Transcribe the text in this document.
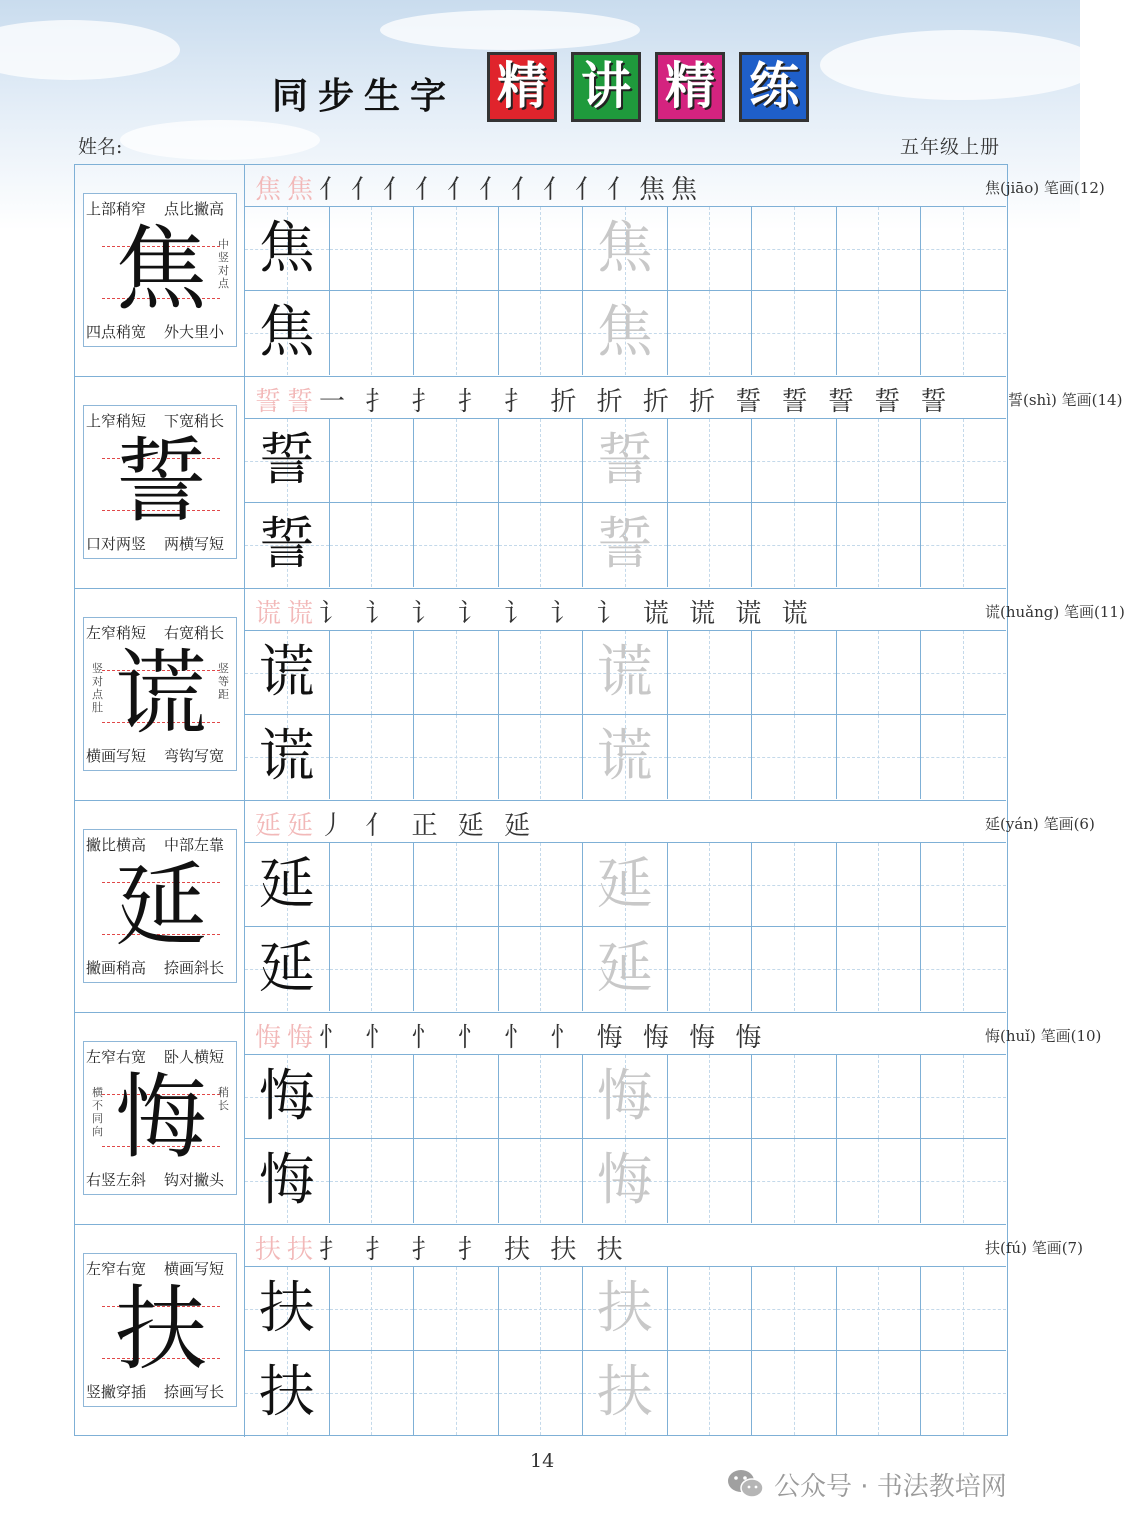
同步生字 精 讲 精 练
姓名:	五年级上册
上部稍窄 点比撇高
四点稍宽 外大里小
焦	中竖对点
焦焦亻亻亻亻亻亻亻亻亻亻焦焦	焦(jiāo) 笔画(12)
焦	焦
焦	焦
上窄稍短 下宽稍长
口对两竖 两横写短
誓
誓誓一 扌 扌 扌 扌 折 折 折 折 誓 誓 誓 誓 誓	誓(shì) 笔画(14)
誓	誓
誓	誓
左窄稍短 右宽稍长
横画写短 弯钩写宽
谎
竖对点肚
竖等距
谎谎讠 讠 讠 讠 讠 讠 讠 谎 谎 谎 谎	谎(huǎng) 笔画(11)
谎	谎
谎	谎
撇比横高 中部左靠
撇画稍高 捺画斜长
延
延延丿 亻 正 延 延	延(yán) 笔画(6)
延	延
延	延
左窄右宽 卧人横短
右竖左斜 钩对撇头
悔
横不同向
稍长
悔悔忄 忄 忄 忄 忄 忄 悔 悔 悔 悔	悔(huǐ) 笔画(10)
悔	悔
悔	悔
左窄右宽 横画写短
竖撇穿插 捺画写长
扶
扶扶扌 扌 扌 扌 扶 扶 扶	扶(fú) 笔画(7)
扶	扶
扶	扶
14
公众号 · 书法教培网
